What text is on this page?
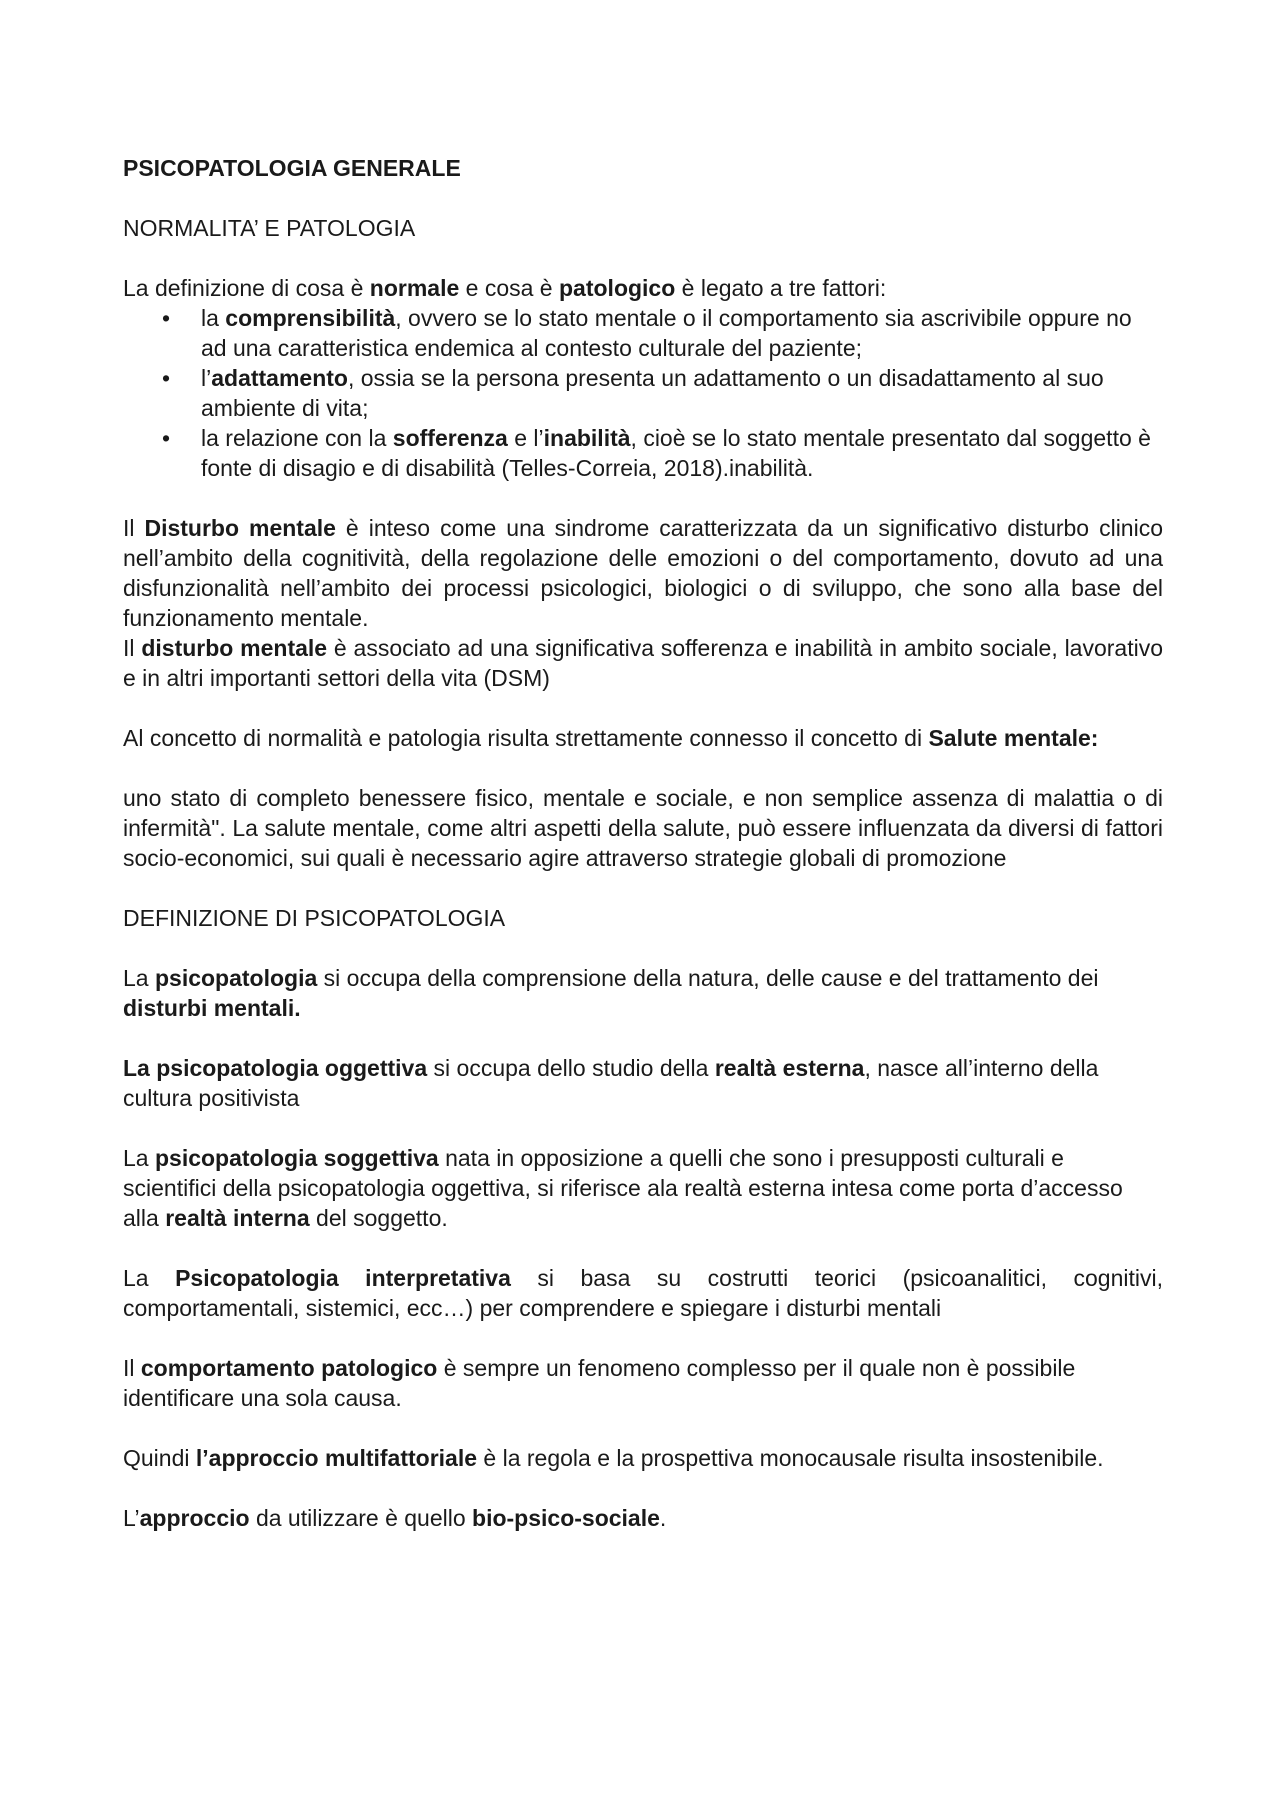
PSICOPATOLOGIA GENERALE
NORMALITA’ E PATOLOGIA

La definizione di cosa è normale e cosa è patologico è legato a tre fattori:

• la comprensibilità, ovvero se lo stato mentale o il comportamento sia ascrivibile oppure no ad una caratteristica endemica al contesto culturale del paziente;
• l’adattamento, ossia se la persona presenta un adattamento o un disadattamento al suo ambiente di vita;
• la relazione con la sofferenza e l’inabilità, cioè se lo stato mentale presentato dal soggetto è fonte di disagio e di disabilità (Telles-Correia, 2018).inabilità.

Il Disturbo mentale è inteso come una sindrome caratterizzata da un significativo disturbo clinico nell’ambito della cognitività, della regolazione delle emozioni o del comportamento, dovuto ad una disfunzionalità nell’ambito dei processi psicologici, biologici o di sviluppo, che sono alla base del funzionamento mentale.

Il disturbo mentale è associato ad una significativa sofferenza e inabilità in ambito sociale, lavorativo e in altri importanti settori della vita (DSM)

Al concetto di normalità e patologia risulta strettamente connesso il concetto di Salute mentale:

uno stato di completo benessere fisico, mentale e sociale, e non semplice assenza di malattia o di infermità". La salute mentale, come altri aspetti della salute, può essere influenzata da diversi di fattori socio-economici, sui quali è necessario agire attraverso strategie globali di promozione

DEFINIZIONE DI PSICOPATOLOGIA

La psicopatologia si occupa della comprensione della natura, delle cause e del trattamento dei disturbi mentali.

La psicopatologia oggettiva si occupa dello studio della realtà esterna, nasce all’interno della cultura positivista

La psicopatologia soggettiva nata in opposizione a quelli che sono i presupposti culturali e scientifici della psicopatologia oggettiva, si riferisce ala realtà esterna intesa come porta d’accesso alla realtà interna del soggetto.

La Psicopatologia interpretativa si basa su costrutti teorici (psicoanalitici, cognitivi, comportamentali, sistemici, ecc…) per comprendere e spiegare i disturbi mentali

Il comportamento patologico è sempre un fenomeno complesso per il quale non è possibile identificare una sola causa.

Quindi l’approccio multifattoriale è la regola e la prospettiva monocausale risulta insostenibile.

L’approccio da utilizzare è quello bio-psico-sociale.
